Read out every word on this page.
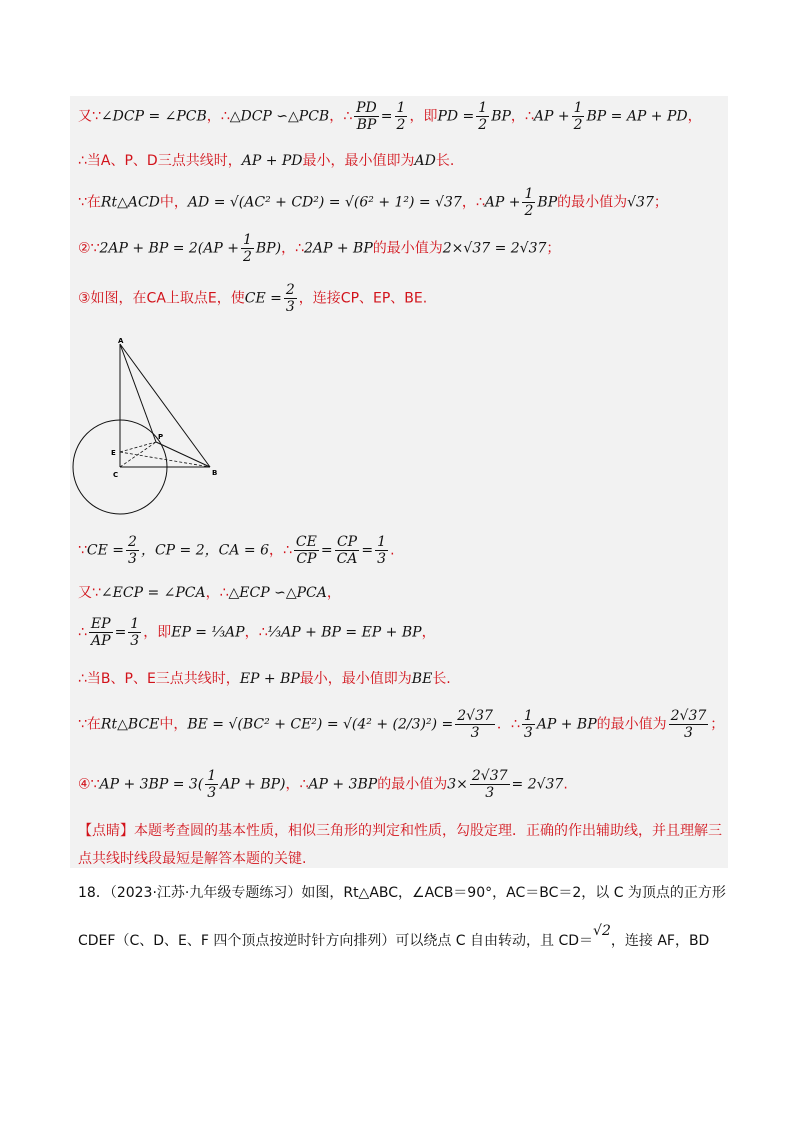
又∵∠DCP = ∠PCB，∴△DCP ∽△PCB，∴ $\frac{PD}{BP} = \frac{1}{2}$ ，即PD = $\frac{1}{2}$ BP，∴AP + $\frac{1}{2}$ BP = AP + PD，
∴当A、P、D三点共线时，AP + PD最小，最小值即为AD长.
∵在Rt△ACD中，AD = √(AC² + CD²) = √(6² + 1²) = √37，∴AP + $\frac{1}{2}$ BP的最小值为√37；
②∵2AP + BP = $2(AP + \frac{1}{2} BP)$，∴2AP + BP的最小值为2×√37 = 2√37；
③如图，在CA上取点E，使CE = $\frac{2}{3}$ ，连接CP、EP、BE.
A
P
E
C	B
∵CE = $\frac{2}{3}$ ，CP = 2，CA = 6，∴ $\frac{CE}{CP} = \frac{CP}{CA} = \frac{1}{3}$ .
又∵∠ECP = ∠PCA，∴△ECP ∽△PCA，
∴ $\frac{EP}{AP} = \frac{1}{3}$ ，即EP = ⅓AP，∴⅓AP + BP = EP + BP，
∴当B、P、E三点共线时，EP + BP最小，最小值即为BE长.
∵在Rt△BCE中，BE = $√(BC^2 + CE^2) = √(4^2 + (2/3)^2) = \frac{2√37}{3}$ ．∴ $\frac{1}{3}$ AP + BP的最小值为 $\frac{2√37}{3}$ ；
④∵AP + $3BP = 3( \frac{1}{3}$ AP + BP)，∴AP + 3BP的最小值为$3\times \frac{2√37}{3} = 2√37$.
【点睛】本题考查圆的基本性质，相似三角形的判定和性质，勾股定理．正确的作出辅助线，并且理解三
点共线时线段最短是解答本题的关键.
18．（2023·江苏·九年级专题练习）如图，Rt△ABC，∠ACB＝90°，AC＝BC＝2，以 C 为顶点的正方形
CDEF（C、D、E、F 四个顶点按逆时针方向排列）可以绕点 C 自由转动，且 CD＝√2，连接 AF，BD
